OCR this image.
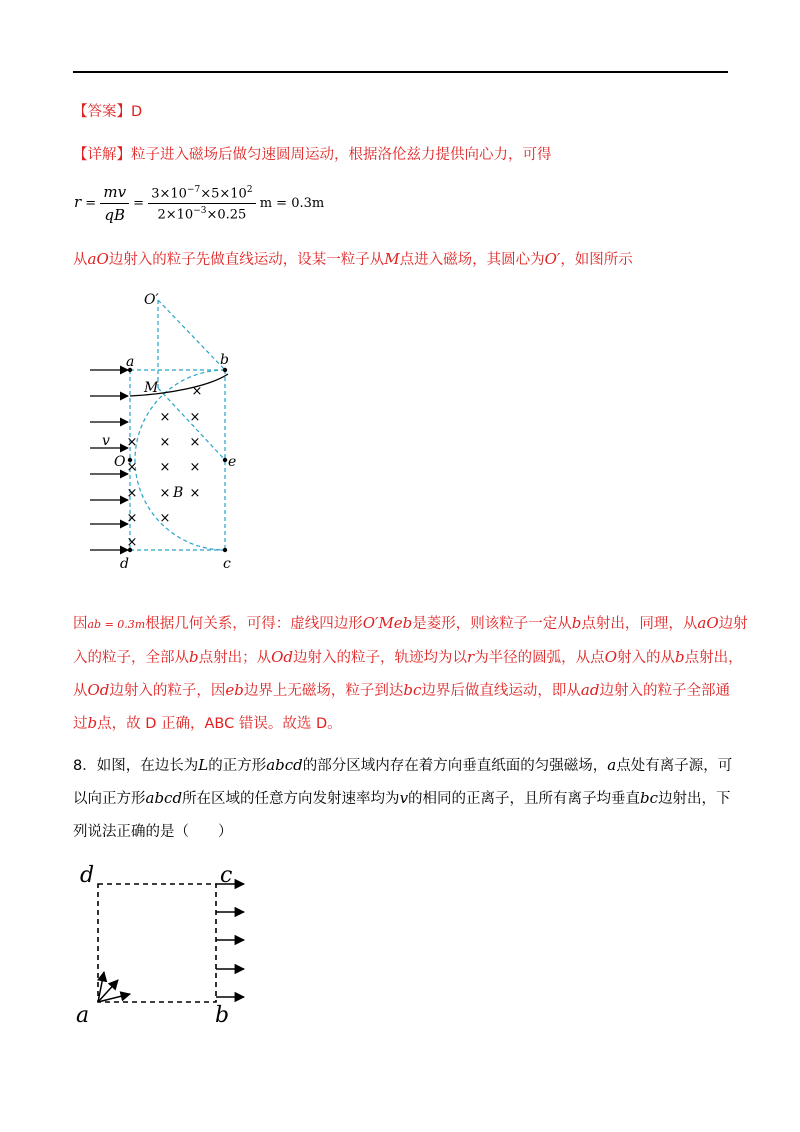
【答案】D
【详解】粒子进入磁场后做匀速圆周运动，根据洛伦兹力提供向心力，可得
$r = \frac{mv}{qB} = \frac{3\times 10^{-7}\times 5\times 10^2}{2\times 10^{-3}\times 0.25}$ m = 0.3m
从aO边射入的粒子先做直线运动，设某一粒子从M点进入磁场，其圆心为O′，如图所示
×
× ×
× × ×
× × ×
× × ×
× ×
×
O′
a	b
M
v
O	e
B
d	c
因ab = 0.3m根据几何关系，可得：虚线四边形O′Meb是菱形，则该粒子一定从b点射出，同理，从aO边射
入的粒子，全部从b点射出；从Od边射入的粒子，轨迹均为以r为半径的圆弧，从点O射入的从b点射出，
从Od边射入的粒子，因eb边界上无磁场，粒子到达bc边界后做直线运动，即从ad边射入的粒子全部通
过b点，故 D 正确，ABC 错误。故选 D。
8．如图，在边长为L的正方形abcd的部分区域内存在着方向垂直纸面的匀强磁场，a点处有离子源，可
以向正方形abcd所在区域的任意方向发射速率均为v的相同的正离子，且所有离子均垂直bc边射出，下
列说法正确的是（　　）
d	c
a	b
